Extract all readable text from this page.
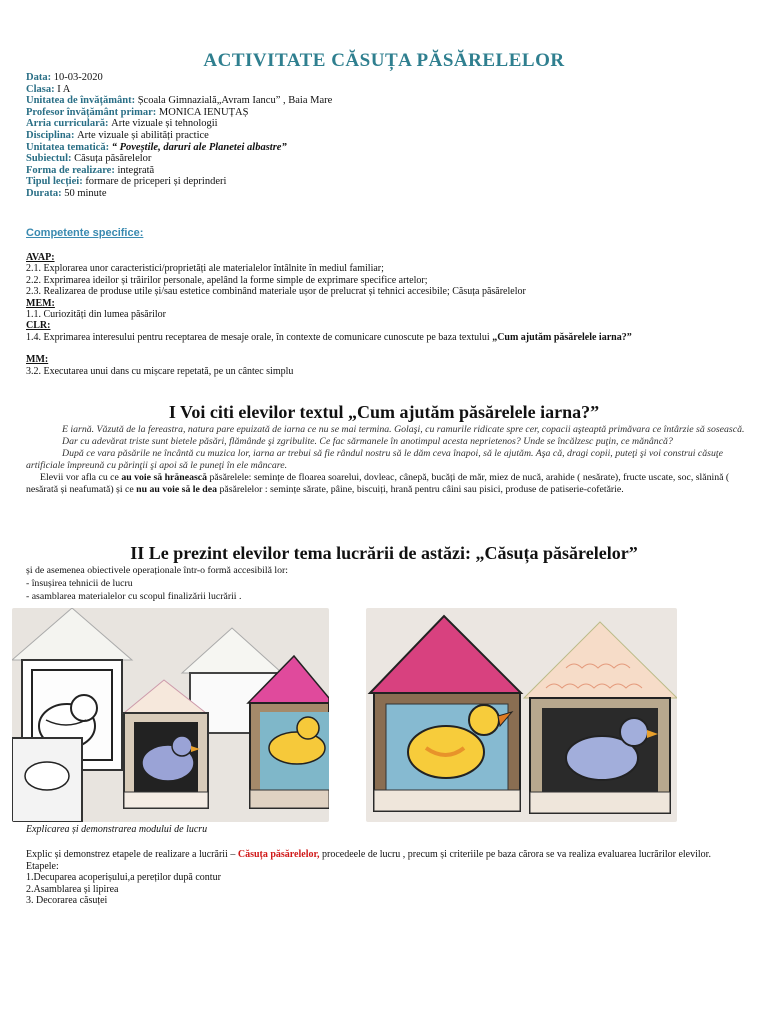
ACTIVITATE CĂSUȚA PĂSĂRELELOR
Data: 10-03-2020
Clasa: I A
Unitatea de învățământ: Școala Gimnazială„Avram Iancu” , Baia Mare
Profesor învățământ primar: MONICA IENUȚAȘ
Arria curriculară: Arte vizuale și tehnologii
Disciplina: Arte vizuale și abilități practice
Unitatea tematică: “ Poveștile, daruri ale Planetei albastre”
Subiectul: Căsuța păsărelelor
Forma de realizare: integrată
Tipul lecției: formare de priceperi și deprinderi
Durata: 50 minute
Competente specifice:
AVAP:
2.1. Explorarea unor caracteristici/proprietăți ale materialelor întâlnite în mediul familiar;
2.2. Exprimarea ideilor și trăirilor personale, apelând la forme simple de exprimare specifice artelor;
2.3. Realizarea de produse utile și/sau estetice combinând materiale ușor de prelucrat și tehnici accesibile; Căsuța păsărelelor
MEM:
1.1. Curiozități din lumea păsărilor
CLR:
1.4. Exprimarea interesului pentru receptarea de mesaje orale, în contexte de comunicare cunoscute pe baza textului „Cum ajutăm păsărelele iarna?”
MM:
3.2. Executarea unui dans cu mișcare repetată, pe un cântec simplu
I Voi citi elevilor textul „Cum ajutăm păsărelele iarna?”

E iarnă. Văzută de la fereastra, natura pare epuizată de iarna ce nu se mai termina. Golaşi, cu ramurile ridicate spre cer, copacii aşteaptă primăvara ce întârzie să sosească.

Dar cu adevărat triste sunt bietele păsări, flămânde şi zgribulite. Ce fac sărmanele în anotimpul acesta neprietenos? Unde se încălzesc puţin, ce mănâncă?

După ce vara păsările ne încântă cu muzica lor, iarna ar trebui să fie rândul nostru să le dăm ceva înapoi, să le ajutăm. Aşa că, dragi copii, puteţi şi voi construi căsuţe artificiale împreună cu părinţii şi apoi să le puneţi în ele mâncare.

Elevii vor afla cu ce au voie să hrănească păsărelele: semințe de floarea soarelui, dovleac, cânepă, bucăți de măr, miez de nucă, arahide ( nesărate), fructe uscate, soc, slănină ( nesărată și neafumată) și ce nu au voie să le dea păsărelelor : semințe sărate, pâine, biscuiți, hrană pentru câini sau pisici, produse de patiserie-cofetărie.

II Le prezint elevilor tema lucrării de astăzi: „Căsuța păsărelelor”
și de asemenea obiectivele operaționale într-o formă accesibilă lor:
- însușirea tehnicii de lucru
- asamblarea materialelor cu scopul finalizării lucrării .
Explicarea și demonstrarea modului de lucru

Explic și demonstrez etapele de realizare a lucrării – Căsuța păsărelelor, procedeele de lucru , precum și criteriile pe baza cărora se va realiza evaluarea lucrărilor elevilor.

Etapele:

1.Decuparea acoperișului,a pereților după contur

2.Asamblarea și lipirea

3. Decorarea căsuței
